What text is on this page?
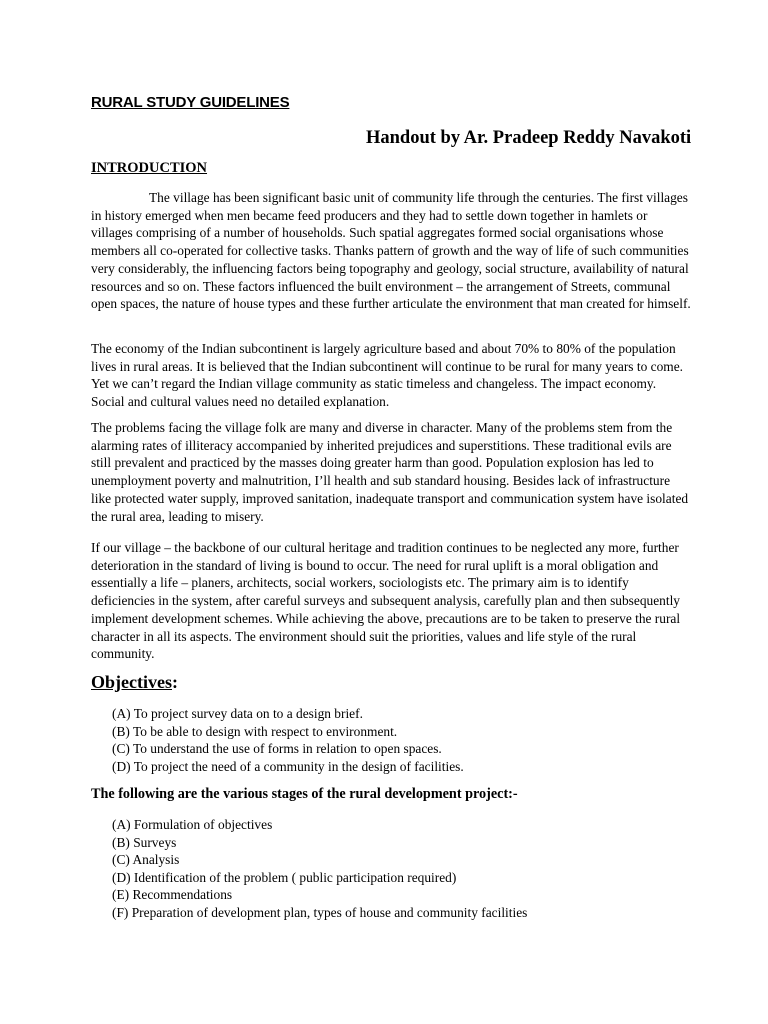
RURAL STUDY GUIDELINES
Handout by Ar. Pradeep Reddy Navakoti
INTRODUCTION

The village has been significant basic unit of community life through the centuries. The first villages in history emerged when men became feed producers and they had to settle down together in hamlets or villages comprising of a number of households. Such spatial aggregates formed social organisations whose members all co-operated for collective tasks. Thanks pattern of growth and the way of life of such communities very considerably, the influencing factors being topography and geology, social structure, availability of natural resources and so on. These factors influenced the built environment – the arrangement of Streets, communal open spaces, the nature of house types and these further articulate the environment that man created for himself.

The economy of the Indian subcontinent is largely agriculture based and about 70% to 80% of the population lives in rural areas. It is believed that the Indian subcontinent will continue to be rural for many years to come. Yet we can’t regard the Indian village community as static timeless and changeless. The impact economy. Social and cultural values need no detailed explanation.

The problems facing the village folk are many and diverse in character. Many of the problems stem from the alarming rates of illiteracy accompanied by inherited prejudices and superstitions. These traditional evils are still prevalent and practiced by the masses doing greater harm than good. Population explosion has led to unemployment poverty and malnutrition, I’ll health and sub standard housing. Besides lack of infrastructure like protected water supply, improved sanitation, inadequate transport and communication system have isolated the rural area, leading to misery.

If our village – the backbone of our cultural heritage and tradition continues to be neglected any more, further deterioration in the standard of living is bound to occur. The need for rural uplift is a moral obligation and essentially a life – planers, architects, social workers, sociologists etc. The primary aim is to identify deficiencies in the system, after careful surveys and subsequent analysis, carefully plan and then subsequently implement development schemes. While achieving the above, precautions are to be taken to preserve the rural character in all its aspects. The environment should suit the priorities, values and life style of the rural community.

Objectives:
(A) To project survey data on to a design brief.
(B) To be able to design with respect to environment.
(C) To understand the use of forms in relation to open spaces.
(D) To project the need of a community in the design of facilities.
The following are the various stages of the rural development project:-
(A) Formulation of objectives
(B) Surveys
(C) Analysis
(D) Identification of the problem ( public participation required)
(E) Recommendations
(F) Preparation of development plan, types of house and community facilities
